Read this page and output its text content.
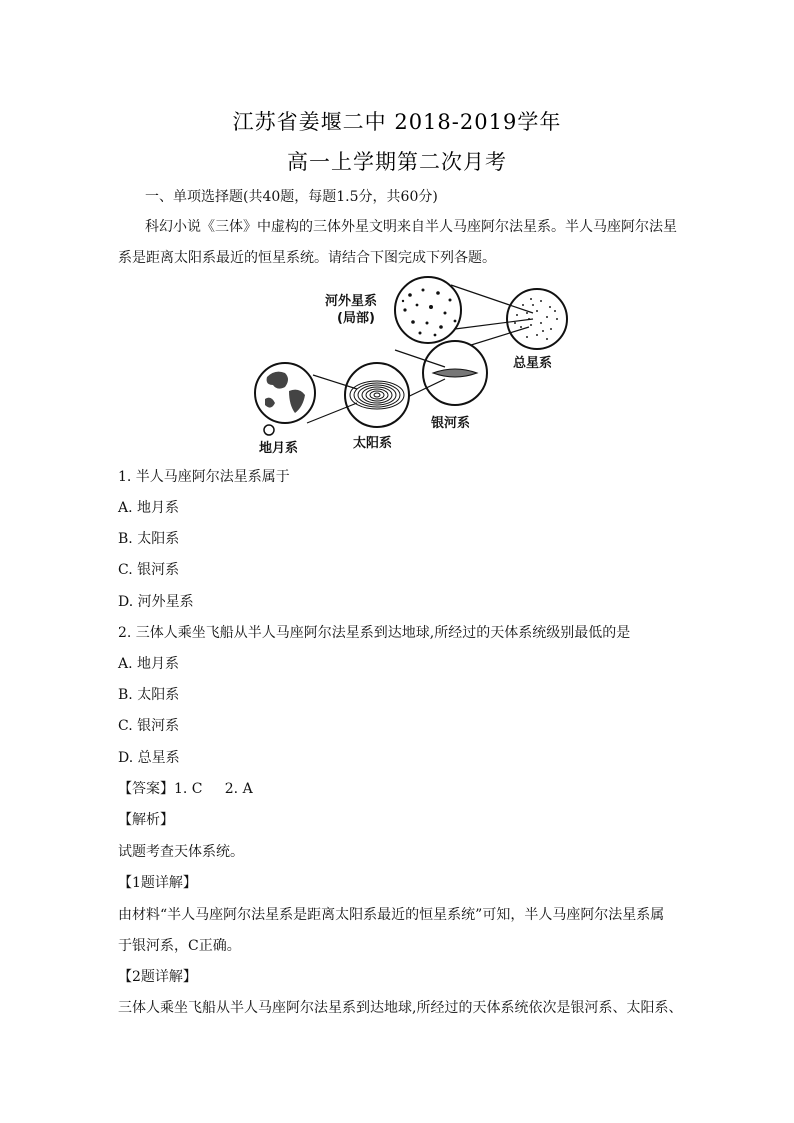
江苏省姜堰二中 2018-2019学年
高一上学期第二次月考
一、单项选择题(共40题，每题1.5分，共60分)
科幻小说《三体》中虚构的三体外星文明来自半人马座阿尔法星系。半人马座阿尔法星
系是距离太阳系最近的恒星系统。请结合下图完成下列各题。
河外星系
(局部)
总星系
地月系	太阳系
银河系
1. 半人马座阿尔法星系属于
A. 地月系
B. 太阳系
C. 银河系
D. 河外星系
2. 三体人乘坐飞船从半人马座阿尔法星系到达地球,所经过的天体系统级别最低的是
A. 地月系
B. 太阳系
C. 银河系
D. 总星系
【答案】1. C     2. A
【解析】
试题考查天体系统。
【1题详解】
由材料“半人马座阿尔法星系是距离太阳系最近的恒星系统”可知，半人马座阿尔法星系属
于银河系，C正确。
【2题详解】
三体人乘坐飞船从半人马座阿尔法星系到达地球,所经过的天体系统依次是银河系、太阳系、
